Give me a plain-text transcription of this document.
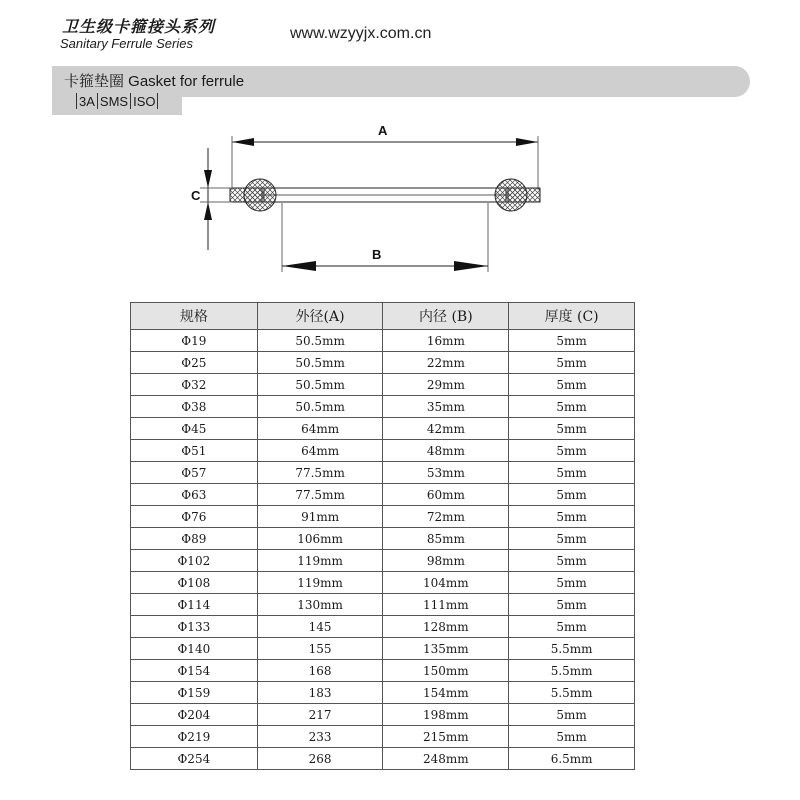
卫生级卡箍接头系列
Sanitary Ferrule Series
www.wzyyjx.com.cn
卡箍垫圈 Gasket for ferrule
3A SMS ISO
A
C
B
规格	外径(A)	内径 (B)	厚度 (C)
Φ19	50.5mm	16mm	5mm
Φ25	50.5mm	22mm	5mm
Φ32	50.5mm	29mm	5mm
Φ38	50.5mm	35mm	5mm
Φ45	64mm	42mm	5mm
Φ51	64mm	48mm	5mm
Φ57	77.5mm	53mm	5mm
Φ63	77.5mm	60mm	5mm
Φ76	91mm	72mm	5mm
Φ89	106mm	85mm	5mm
Φ102	119mm	98mm	5mm
Φ108	119mm	104mm	5mm
Φ114	130mm	111mm	5mm
Φ133	145	128mm	5mm
Φ140	155	135mm	5.5mm
Φ154	168	150mm	5.5mm
Φ159	183	154mm	5.5mm
Φ204	217	198mm	5mm
Φ219	233	215mm	5mm
Φ254	268	248mm	6.5mm
